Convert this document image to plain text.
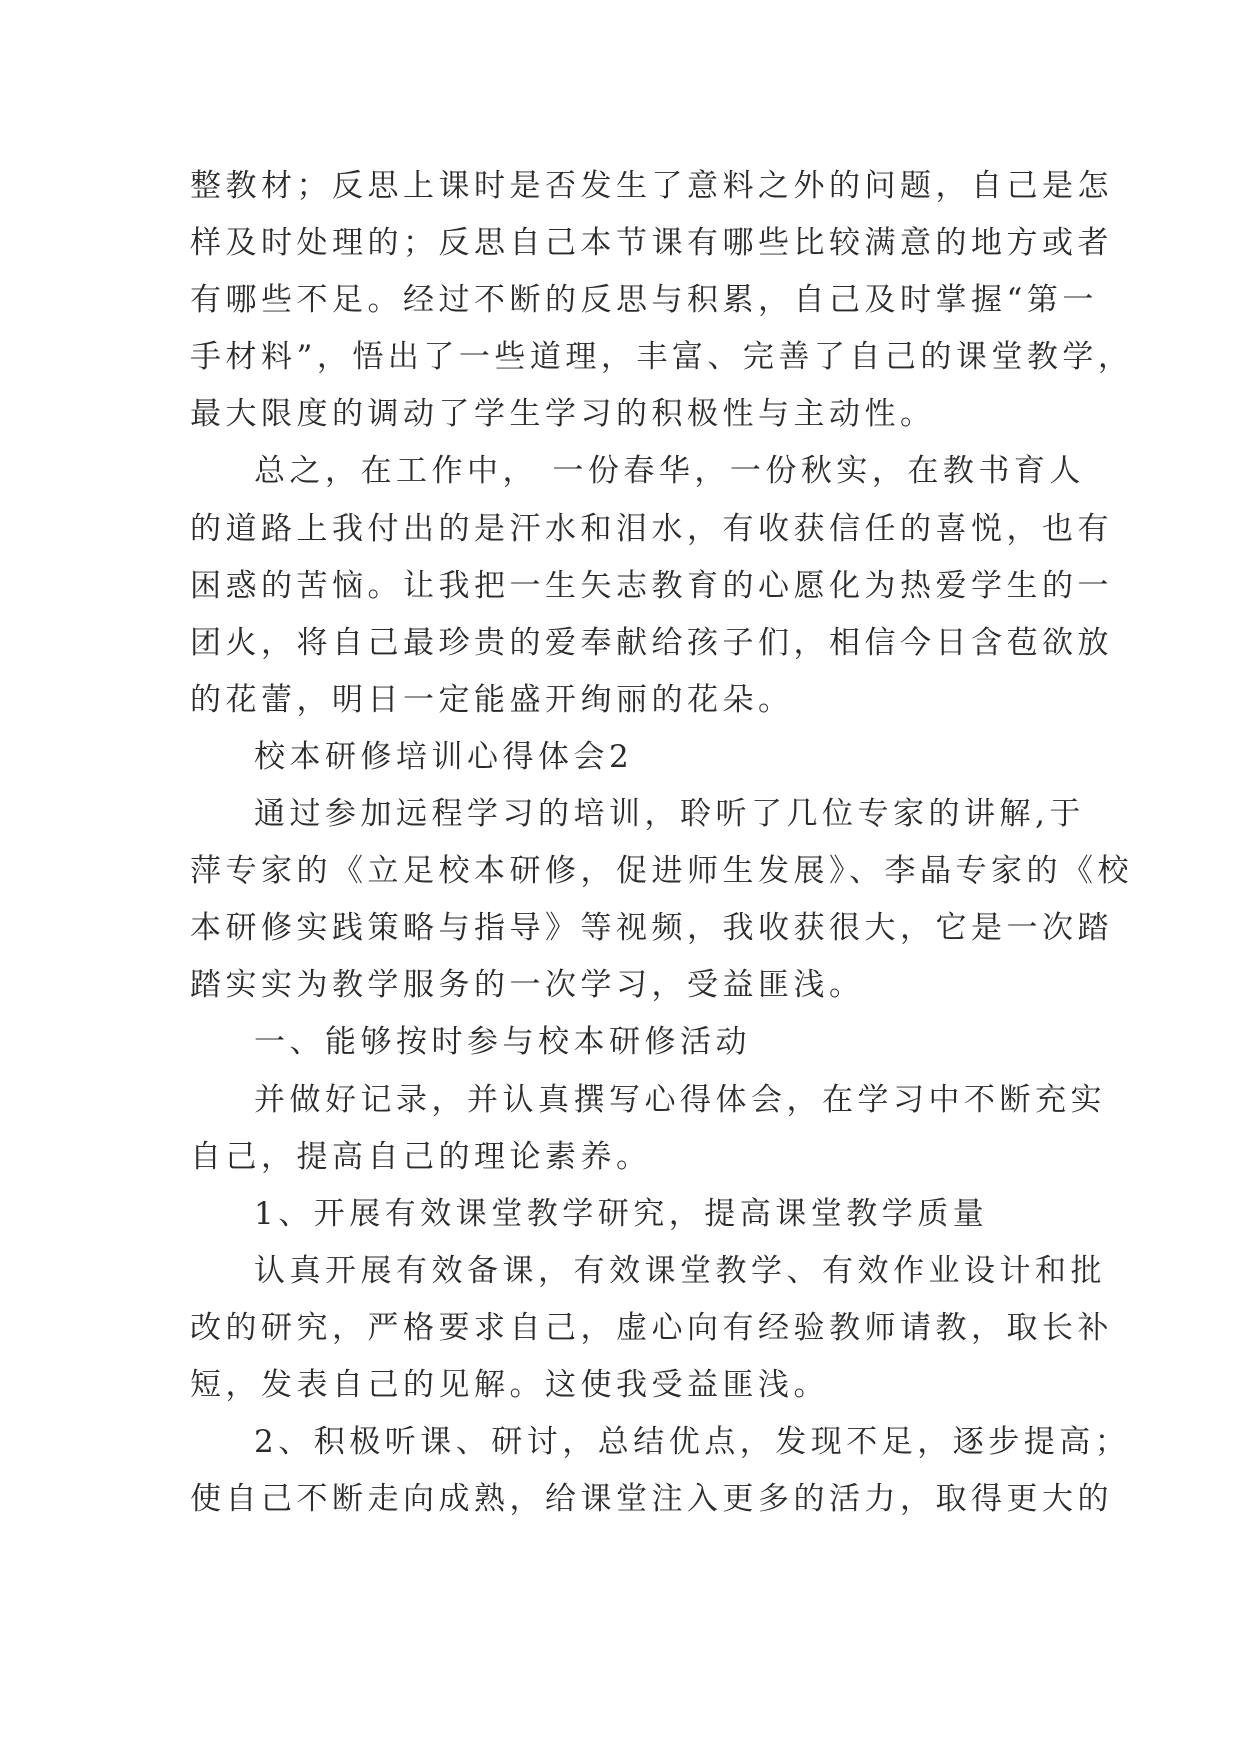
整教材；反思上课时是否发生了意料之外的问题，自己是怎
样及时处理的；反思自己本节课有哪些比较满意的地方或者
有哪些不足。经过不断的反思与积累，自己及时掌握“第一
手材料”，悟出了一些道理，丰富、完善了自己的课堂教学，
最大限度的调动了学生学习的积极性与主动性。
总之，在工作中， 一份春华，一份秋实，在教书育人
的道路上我付出的是汗水和泪水，有收获信任的喜悦，也有
困惑的苦恼。让我把一生矢志教育的心愿化为热爱学生的一
团火，将自己最珍贵的爱奉献给孩子们，相信今日含苞欲放
的花蕾，明日一定能盛开绚丽的花朵。
校本研修培训心得体会2
通过参加远程学习的培训，聆听了几位专家的讲解,于
萍专家的《立足校本研修，促进师生发展》、李晶专家的《校
本研修实践策略与指导》等视频，我收获很大，它是一次踏
踏实实为教学服务的一次学习，受益匪浅。
一、能够按时参与校本研修活动
并做好记录，并认真撰写心得体会，在学习中不断充实
自己，提高自己的理论素养。
1、开展有效课堂教学研究，提高课堂教学质量
认真开展有效备课，有效课堂教学、有效作业设计和批
改的研究，严格要求自己，虚心向有经验教师请教，取长补
短，发表自己的见解。这使我受益匪浅。
2、积极听课、研讨，总结优点，发现不足，逐步提高；
使自己不断走向成熟，给课堂注入更多的活力，取得更大的
